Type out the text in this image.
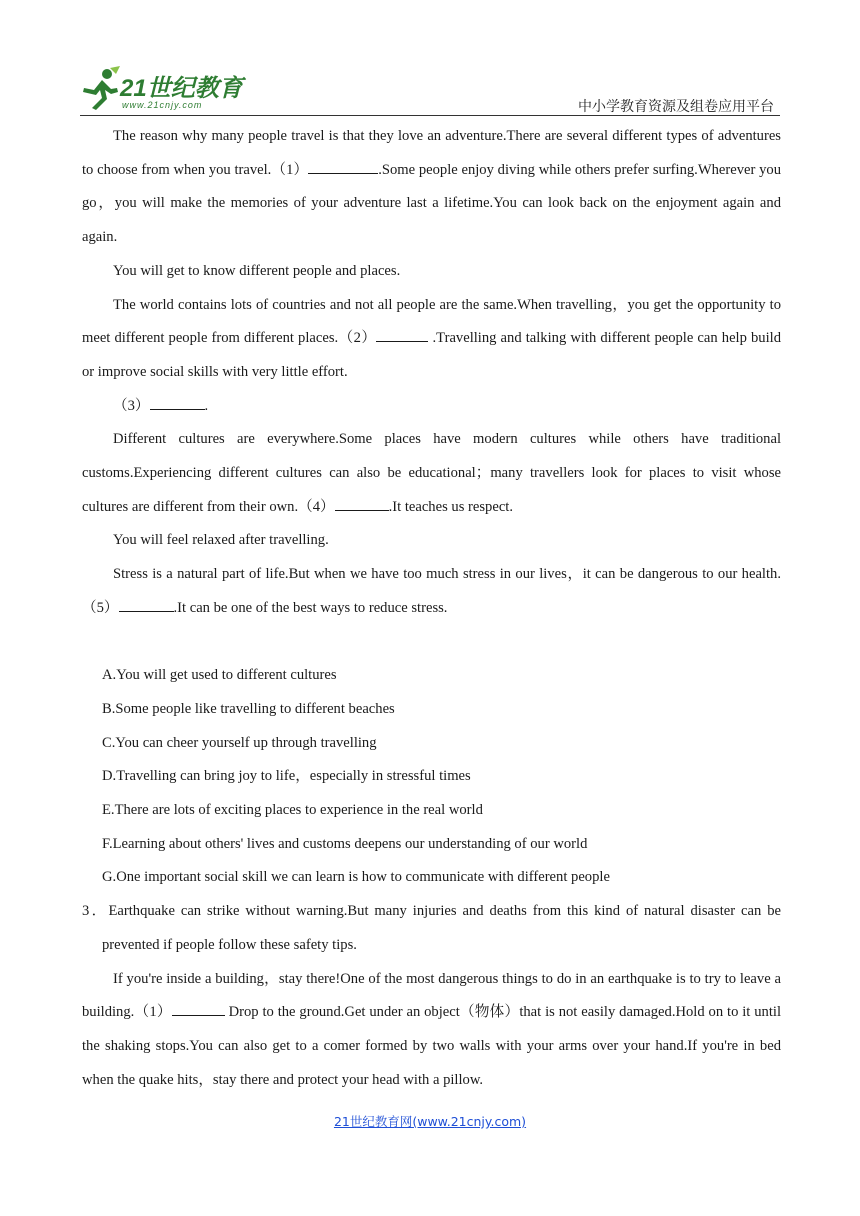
21世纪教育
www.21cnjy.com	中小学教育资源及组卷应用平台

The reason why many people travel is that they love an adventure.There are several different types of adventures to choose from when you travel.（1）	.Some people enjoy diving while others prefer surfing.Wherever you go，you will make the memories of your adventure last a lifetime.You can look back on the enjoyment again and again.

You will get to know different people and places.

The world contains lots of countries and not all people are the same.When travelling，you get the opportunity to meet different people from different places.（2）	.Travelling and talking with different people can help build or improve social skills with very little effort.

（3）	.

Different cultures are everywhere.Some places have modern cultures while others have traditional customs.Experiencing different cultures can also be educational；many travellers look for places to visit whose cultures are different from their own.（4）	.It teaches us respect.

You will feel relaxed after travelling.

Stress is a natural part of life.But when we have too much stress in our lives，it can be dangerous to our health.（5）	.It can be one of the best ways to reduce stress.

A.You will get used to different cultures

B.Some people like travelling to different beaches

C.You can cheer yourself up through travelling

D.Travelling can bring joy to life，especially in stressful times

E.There are lots of exciting places to experience in the real world

F.Learning about others' lives and customs deepens our understanding of our world

G.One important social skill we can learn is how to communicate with different people

3．Earthquake can strike without warning.But many injuries and deaths from this kind of natural disaster can be prevented if people follow these safety tips.

If you're inside a building，stay there!One of the most dangerous things to do in an earthquake is to try to leave a building.（1）	Drop to the ground.Get under an object（物体）that is not easily damaged.Hold on to it until the shaking stops.You can also get to a comer formed by two walls with your arms over your hand.If you're in bed when the quake hits，stay there and protect your head with a pillow.

21世纪教育网(www.21cnjy.com)
